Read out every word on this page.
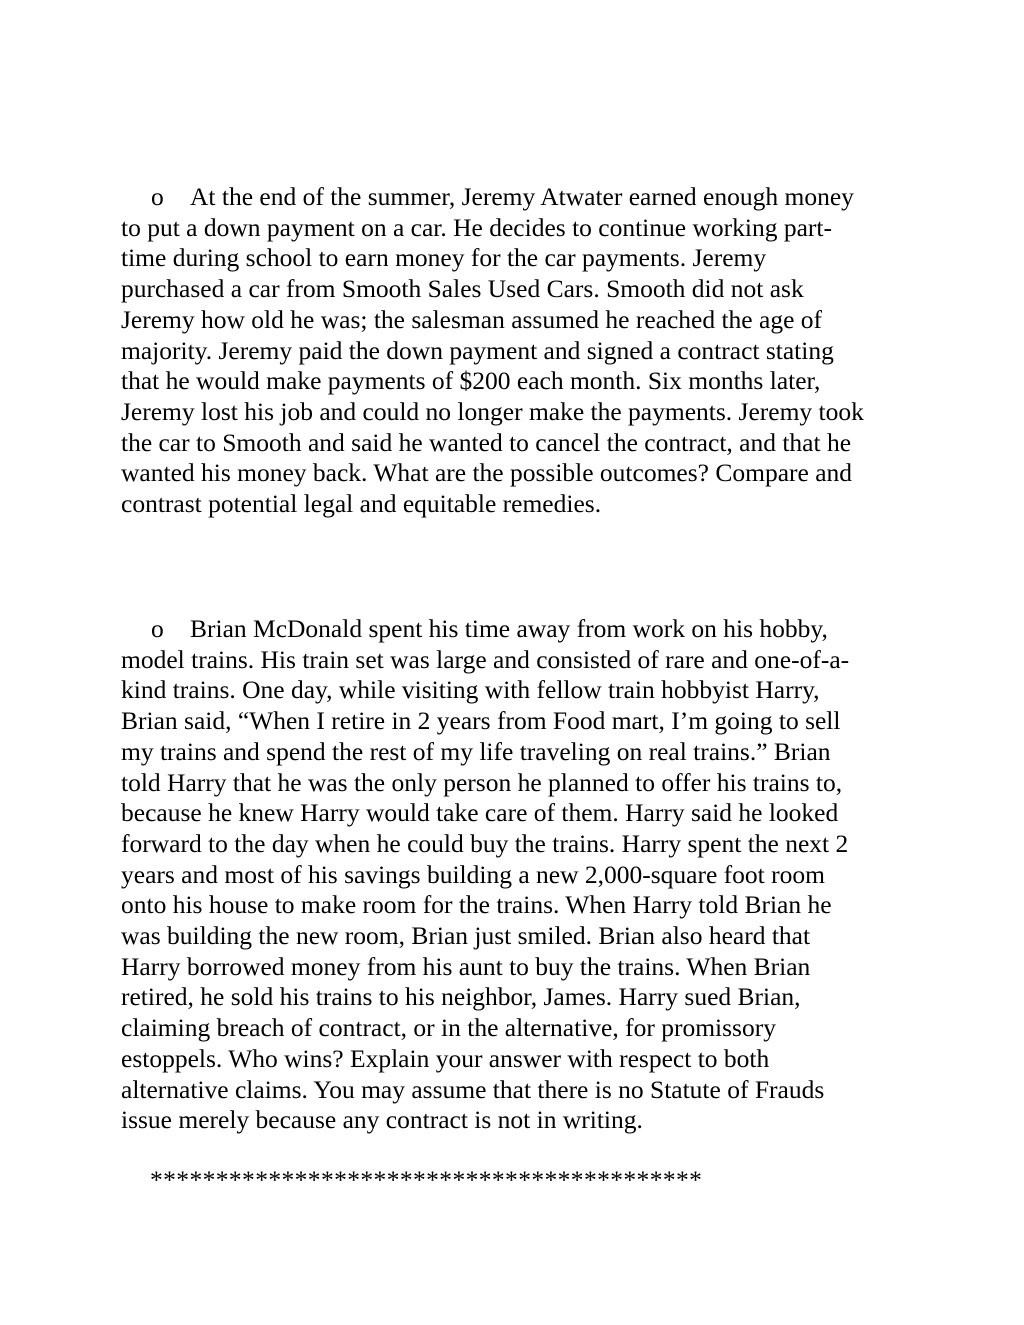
o At the end of the summer, Jeremy Atwater earned enough money
to put a down payment on a car. He decides to continue working part-
time during school to earn money for the car payments. Jeremy
purchased a car from Smooth Sales Used Cars. Smooth did not ask
Jeremy how old he was; the salesman assumed he reached the age of
majority. Jeremy paid the down payment and signed a contract stating
that he would make payments of $200 each month. Six months later,
Jeremy lost his job and could no longer make the payments. Jeremy took
the car to Smooth and said he wanted to cancel the contract, and that he
wanted his money back. What are the possible outcomes? Compare and
contrast potential legal and equitable remedies.
o Brian McDonald spent his time away from work on his hobby,
model trains. His train set was large and consisted of rare and one-of-a-
kind trains. One day, while visiting with fellow train hobbyist Harry,
Brian said, “When I retire in 2 years from Food mart, I’m going to sell
my trains and spend the rest of my life traveling on real trains.” Brian
told Harry that he was the only person he planned to offer his trains to,
because he knew Harry would take care of them. Harry said he looked
forward to the day when he could buy the trains. Harry spent the next 2
years and most of his savings building a new 2,000-square foot room
onto his house to make room for the trains. When Harry told Brian he
was building the new room, Brian just smiled. Brian also heard that
Harry borrowed money from his aunt to buy the trains. When Brian
retired, he sold his trains to his neighbor, James. Harry sued Brian,
claiming breach of contract, or in the alternative, for promissory
estoppels. Who wins? Explain your answer with respect to both
alternative claims. You may assume that there is no Statute of Frauds
issue merely because any contract is not in writing.
******************************************
